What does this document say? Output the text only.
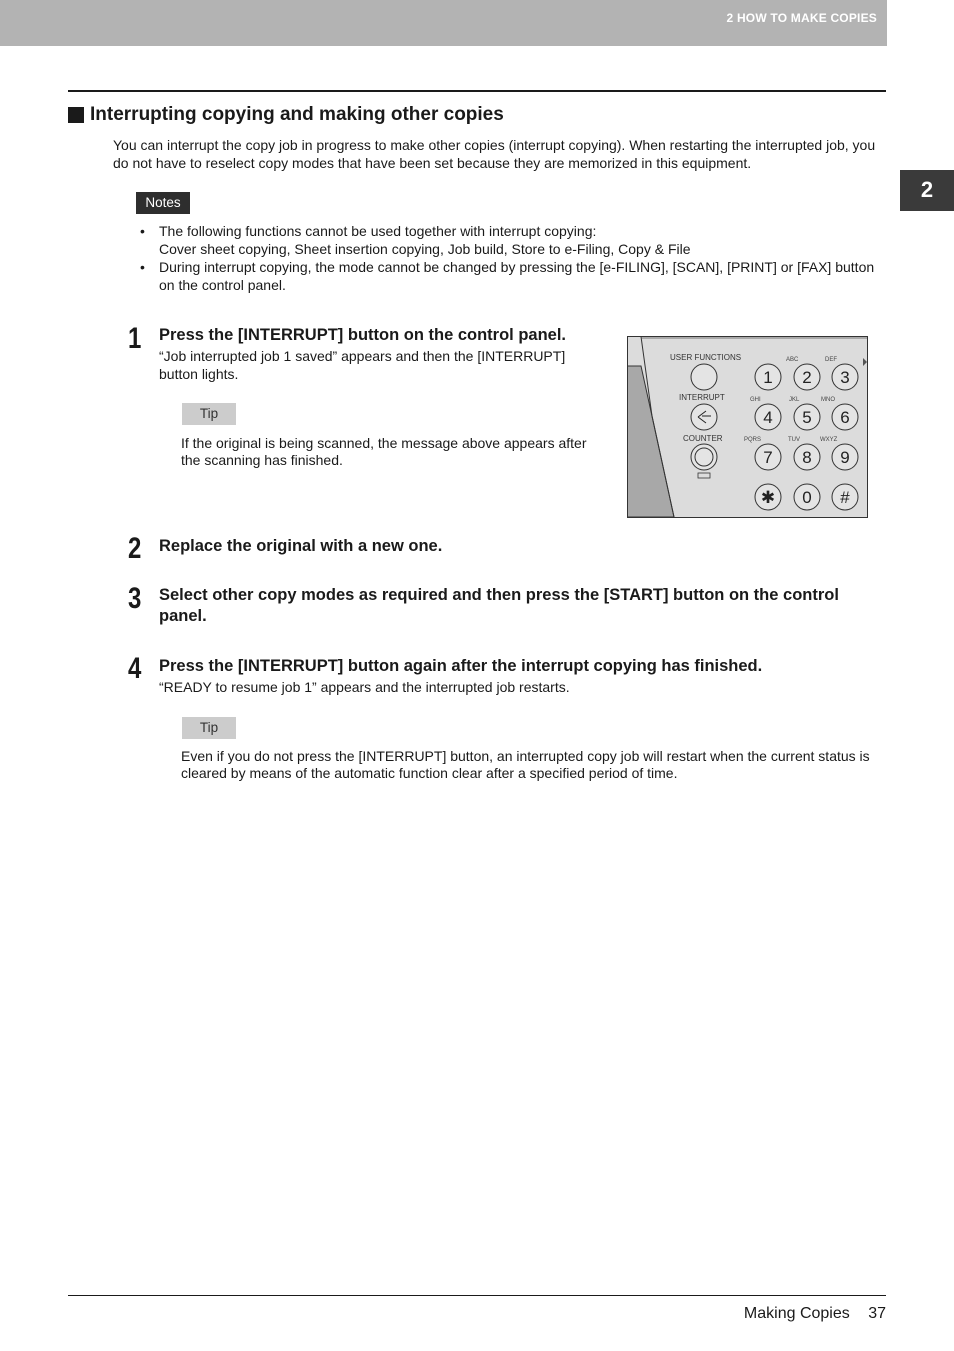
2 HOW TO MAKE COPIES
2
Interrupting copying and making other copies
You can interrupt the copy job in progress to make other copies (interrupt copying). When restarting the interrupted job, you do not have to reselect copy modes that have been set because they are memorized in this equipment.
Notes
• The following functions cannot be used together with interrupt copying:
Cover sheet copying, Sheet insertion copying, Job build, Store to e-Filing, Copy & File
• During interrupt copying, the mode cannot be changed by pressing the [e-FILING], [SCAN], [PRINT] or [FAX] button on the control panel.
1 Press the [INTERRUPT] button on the control panel.
“Job interrupted job 1 saved” appears and then the [INTERRUPT] button lights.
Tip
If the original is being scanned, the message above appears after the scanning has finished.
USER FUNCTIONS
INTERRUPT
COUNTER
ABC	DEF
GHI	JKL	MNO
PQRS	TUV	WXYZ
1 2 3
4 5 6
7 8 9
✱ 0 #
2 Replace the original with a new one.
3 Select other copy modes as required and then press the [START] button on the control panel.
4 Press the [INTERRUPT] button again after the interrupt copying has finished.
“READY to resume job 1” appears and the interrupted job restarts.
Tip
Even if you do not press the [INTERRUPT] button, an interrupted copy job will restart when the current status is cleared by means of the automatic function clear after a specified period of time.
Making Copies 37
